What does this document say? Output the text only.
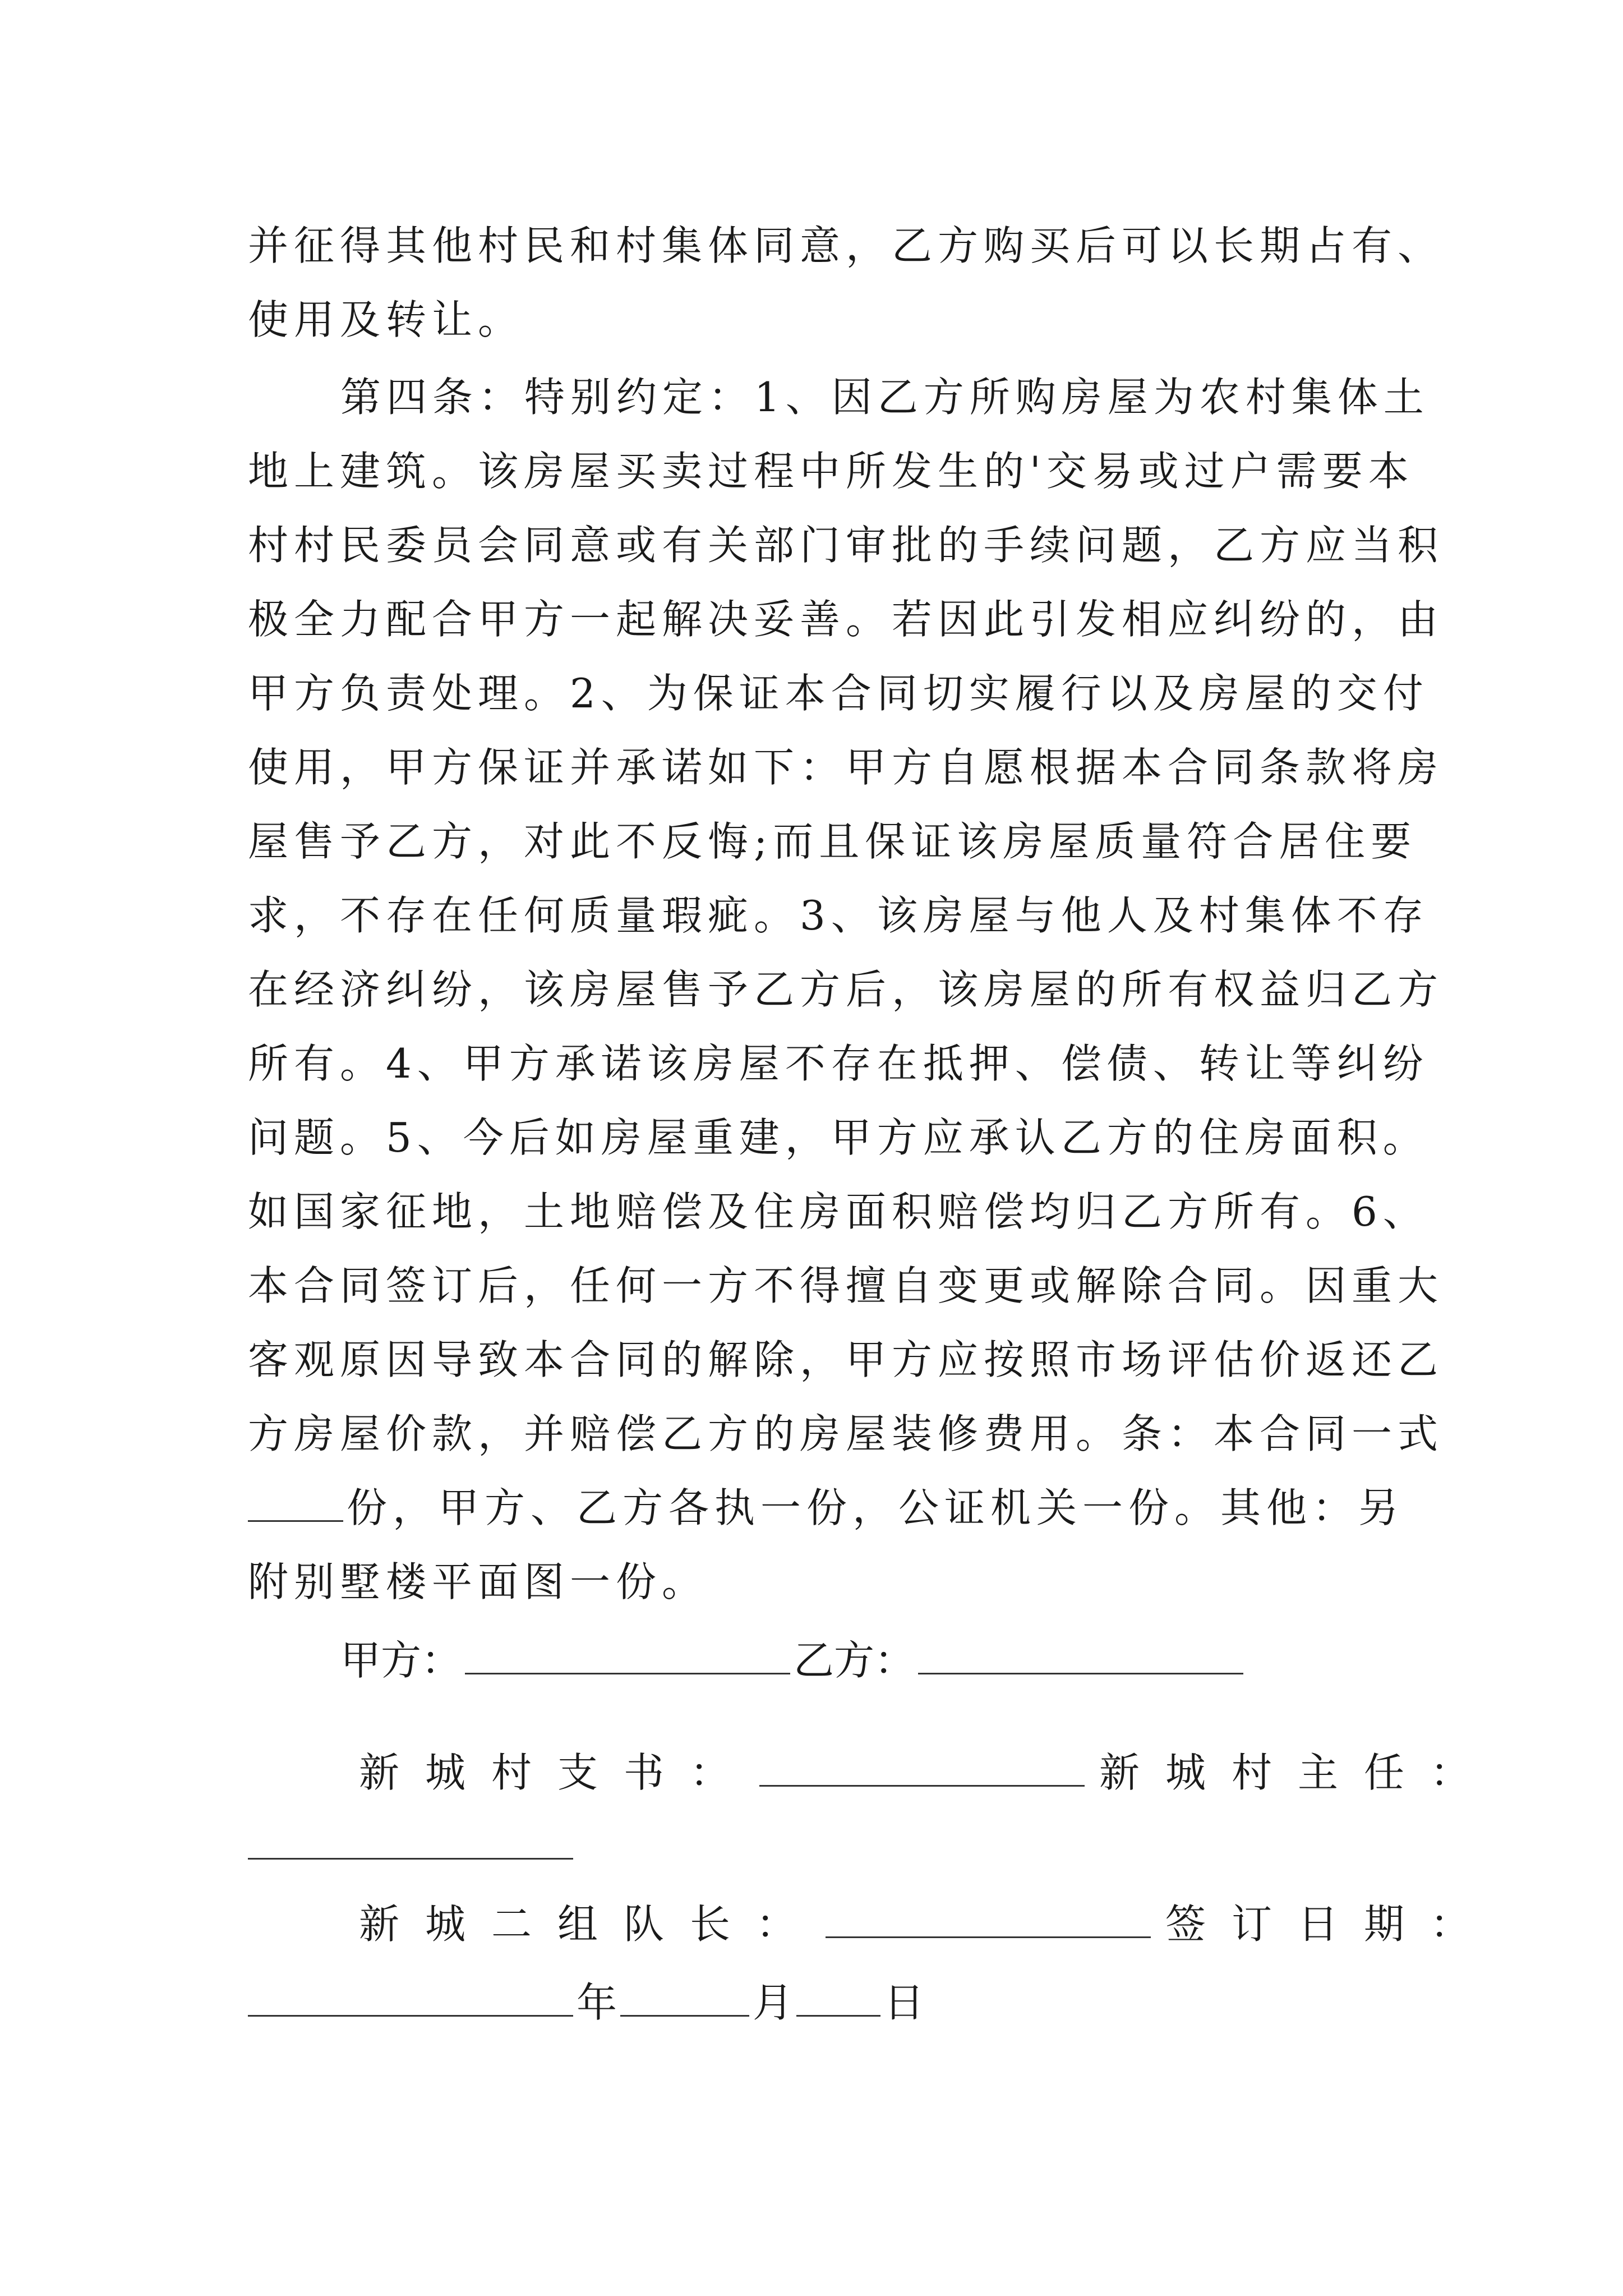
并征得其他村民和村集体同意，乙方购买后可以长期占有、
使用及转让。
第四条：特别约定：1、因乙方所购房屋为农村集体土
地上建筑。该房屋买卖过程中所发生的'交易或过户需要本
村村民委员会同意或有关部门审批的手续问题，乙方应当积
极全力配合甲方一起解决妥善。若因此引发相应纠纷的，由
甲方负责处理。2、为保证本合同切实履行以及房屋的交付
使用，甲方保证并承诺如下：甲方自愿根据本合同条款将房
屋售予乙方，对此不反悔;而且保证该房屋质量符合居住要
求，不存在任何质量瑕疵。3、该房屋与他人及村集体不存
在经济纠纷，该房屋售予乙方后，该房屋的所有权益归乙方
所有。4、甲方承诺该房屋不存在抵押、偿债、转让等纠纷
问题。5、今后如房屋重建，甲方应承认乙方的住房面积。
如国家征地，土地赔偿及住房面积赔偿均归乙方所有。6、
本合同签订后，任何一方不得擅自变更或解除合同。因重大
客观原因导致本合同的解除，甲方应按照市场评估价返还乙
方房屋价款，并赔偿乙方的房屋装修费用。条：本合同一式
份，甲方、乙方各执一份，公证机关一份。其他：另
附别墅楼平面图一份。
甲方：	乙方：
新城村支书：	新城村主任：
新城二组队长：	签订日期：
年	月 日
